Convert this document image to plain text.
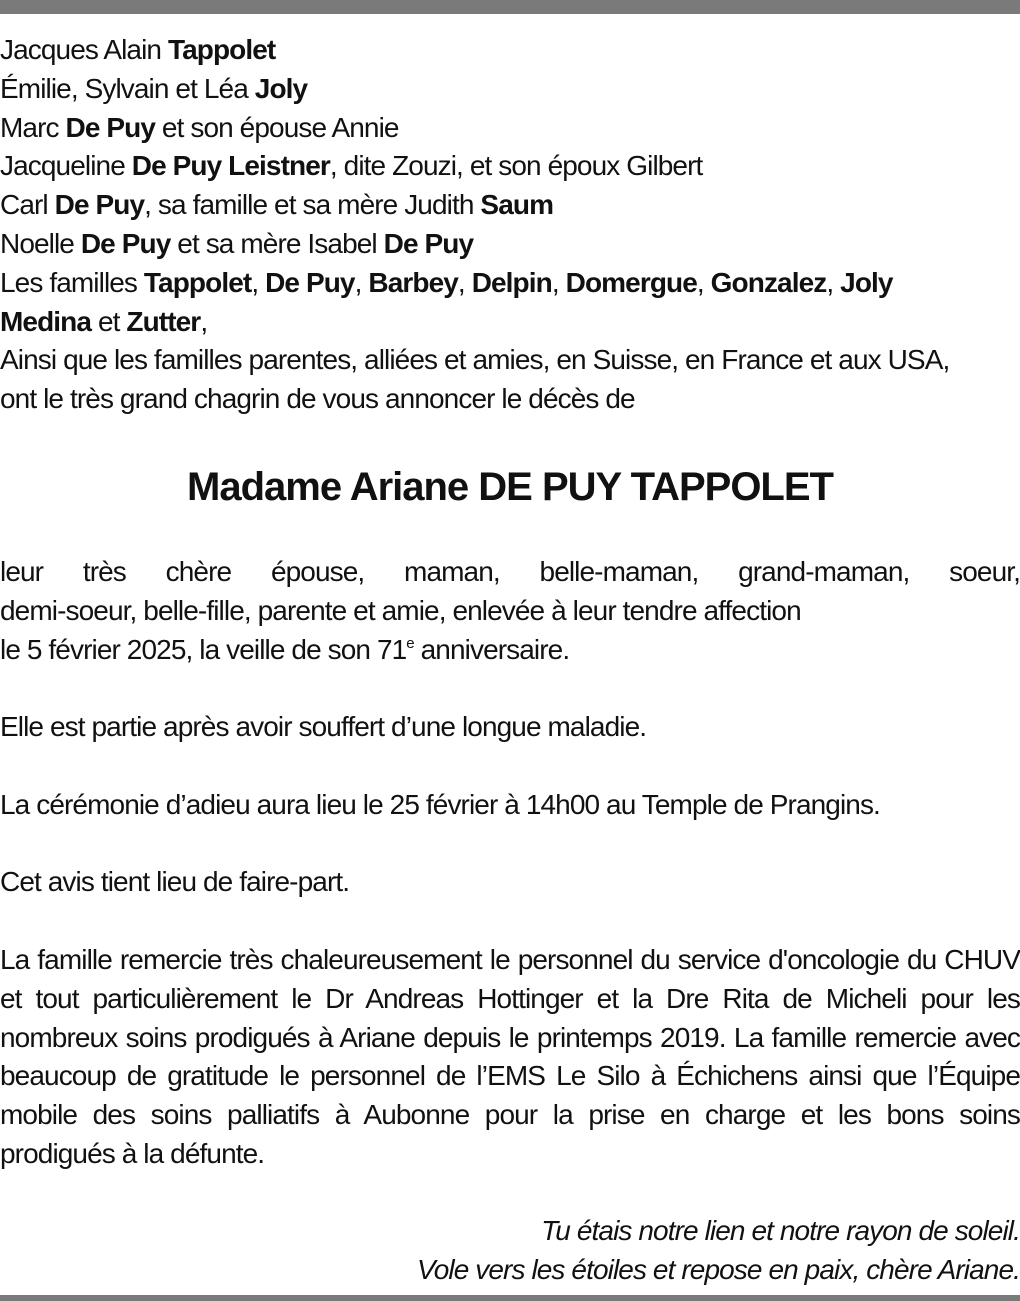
Jacques Alain Tappolet
Émilie, Sylvain et Léa Joly
Marc De Puy et son épouse Annie
Jacqueline De Puy Leistner, dite Zouzi, et son époux Gilbert
Carl De Puy, sa famille et sa mère Judith Saum
Noelle De Puy et sa mère Isabel De Puy
Les familles Tappolet, De Puy, Barbey, Delpin, Domergue, Gonzalez, Joly
Medina et Zutter,
Ainsi que les familles parentes, alliées et amies, en Suisse, en France et aux USA,
ont le très grand chagrin de vous annoncer le décès de
Madame Ariane DE PUY TAPPOLET
leur très chère épouse, maman, belle-maman, grand-maman, soeur,
demi-soeur, belle-fille, parente et amie, enlevée à leur tendre affection
le 5 février 2025, la veille de son 71e anniversaire.
Elle est partie après avoir souffert d’une longue maladie.
La cérémonie d’adieu aura lieu le 25 février à 14h00 au Temple de Prangins.
Cet avis tient lieu de faire-part.
La famille remercie très chaleureusement le personnel du service d'oncologie du CHUV et tout particulièrement le Dr Andreas Hottinger et la Dre Rita de Micheli pour les nombreux soins prodigués à Ariane depuis le printemps 2019. La famille remercie avec beaucoup de gratitude le personnel de l’EMS Le Silo à Échichens ainsi que l’Équipe mobile des soins palliatifs à Aubonne pour la prise en charge et les bons soins prodigués à la défunte.
Tu étais notre lien et notre rayon de soleil.
Vole vers les étoiles et repose en paix, chère Ariane.
